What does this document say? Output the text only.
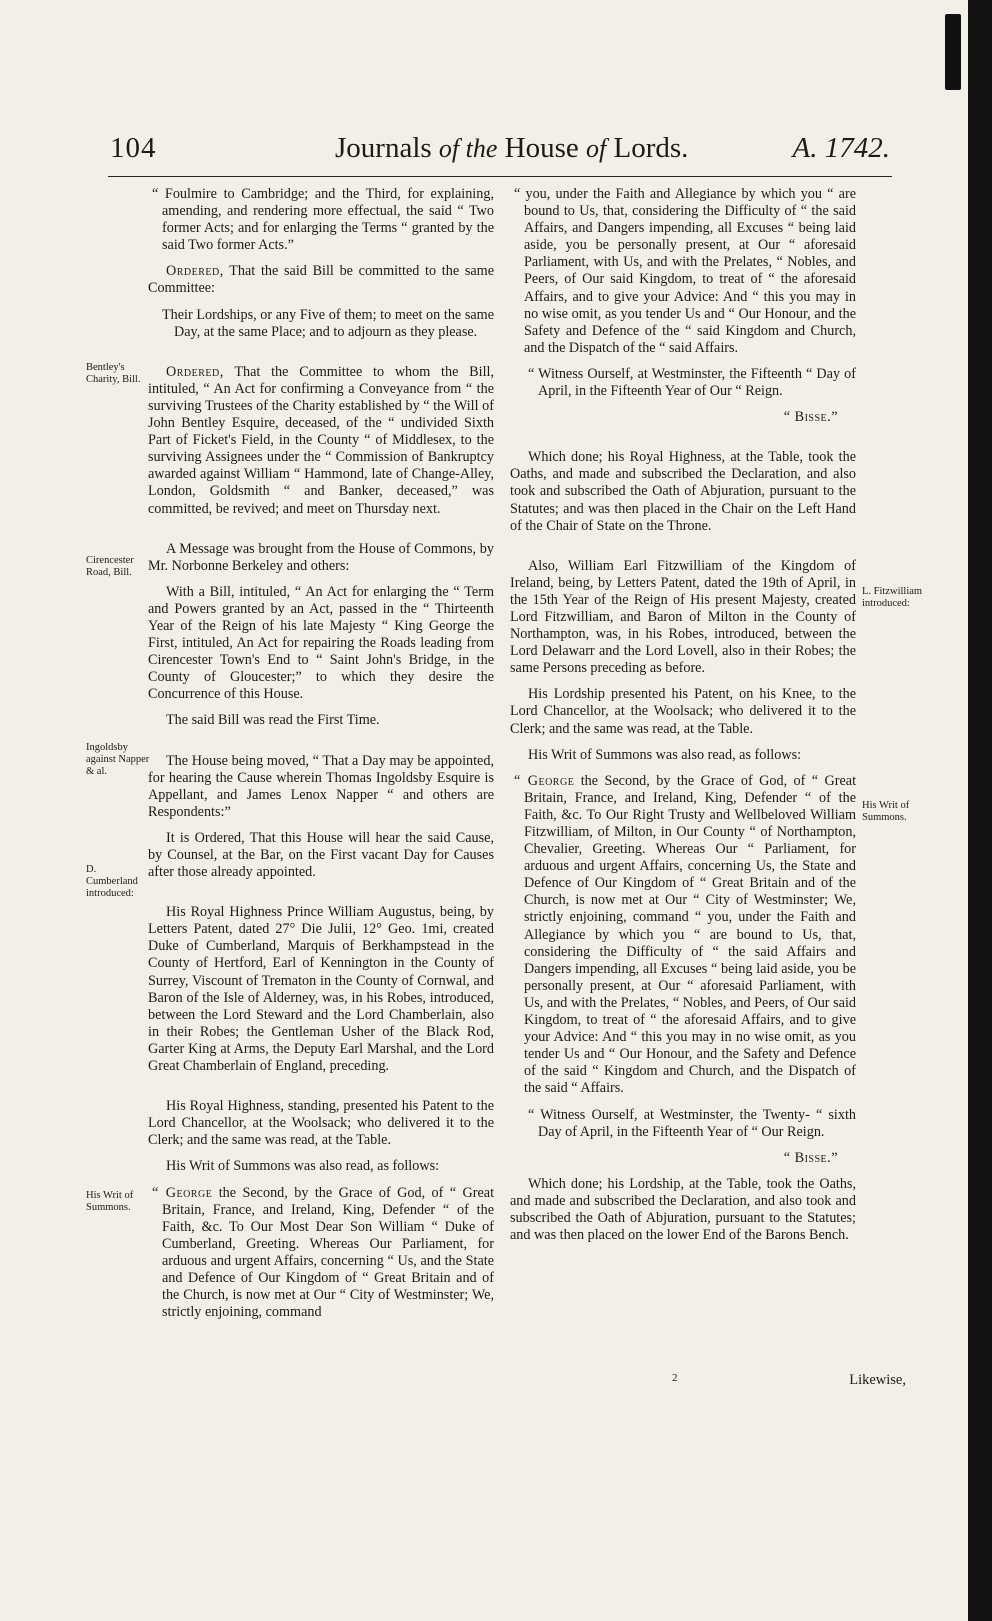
104	Journals of the House of Lords.	A. 1742.

“ Foulmire to Cambridge; and the Third, for explaining, amending, and rendering more effectual, the said “ Two former Acts; and for enlarging the Terms “ granted by the said Two former Acts.”

Ordered, That the said Bill be committed to the same Committee:

Their Lordships, or any Five of them; to meet on the same Day, at the same Place; and to adjourn as they please.

Ordered, That the Committee to whom the Bill, intituled, “ An Act for confirming a Conveyance from “ the surviving Trustees of the Charity established by “ the Will of John Bentley Esquire, deceased, of the “ undivided Sixth Part of Ficket's Field, in the County “ of Middlesex, to the surviving Assignees under the “ Commission of Bankruptcy awarded against William “ Hammond, late of Change-Alley, London, Goldsmith “ and Banker, deceased,” was committed, be revived; and meet on Thursday next.

A Message was brought from the House of Commons, by Mr. Norbonne Berkeley and others:

With a Bill, intituled, “ An Act for enlarging the “ Term and Powers granted by an Act, passed in the “ Thirteenth Year of the Reign of his late Majesty “ King George the First, intituled, An Act for repairing the Roads leading from Cirencester Town's End to “ Saint John's Bridge, in the County of Gloucester;” to which they desire the Concurrence of this House.

The said Bill was read the First Time.

The House being moved, “ That a Day may be appointed, for hearing the Cause wherein Thomas Ingoldsby Esquire is Appellant, and James Lenox Napper “ and others are Respondents:”

It is Ordered, That this House will hear the said Cause, by Counsel, at the Bar, on the First vacant Day for Causes after those already appointed.

His Royal Highness Prince William Augustus, being, by Letters Patent, dated 27° Die Julii, 12° Geo. 1mi, created Duke of Cumberland, Marquis of Berkhampstead in the County of Hertford, Earl of Kennington in the County of Surrey, Viscount of Trematon in the County of Cornwal, and Baron of the Isle of Alderney, was, in his Robes, introduced, between the Lord Steward and the Lord Chamberlain, also in their Robes; the Gentleman Usher of the Black Rod, Garter King at Arms, the Deputy Earl Marshal, and the Lord Great Chamberlain of England, preceding.

His Royal Highness, standing, presented his Patent to the Lord Chancellor, at the Woolsack; who delivered it to the Clerk; and the same was read, at the Table.

His Writ of Summons was also read, as follows:

“ George the Second, by the Grace of God, of “ Great Britain, France, and Ireland, King, Defender “ of the Faith, &c. To Our Most Dear Son William “ Duke of Cumberland, Greeting. Whereas Our Parliament, for arduous and urgent Affairs, concerning “ Us, and the State and Defence of Our Kingdom of “ Great Britain and of the Church, is now met at Our “ City of Westminster; We, strictly enjoining, command

“ you, under the Faith and Allegiance by which you “ are bound to Us, that, considering the Difficulty of “ the said Affairs, and Dangers impending, all Excuses “ being laid aside, you be personally present, at Our “ aforesaid Parliament, with Us, and with the Prelates, “ Nobles, and Peers, of Our said Kingdom, to treat of “ the aforesaid Affairs, and to give your Advice: And “ this you may in no wise omit, as you tender Us and “ Our Honour, and the Safety and Defence of the “ said Kingdom and Church, and the Dispatch of the “ said Affairs.

“ Witness Ourself, at Westminster, the Fifteenth “ Day of April, in the Fifteenth Year of Our “ Reign.

“ Bisse.”

Which done; his Royal Highness, at the Table, took the Oaths, and made and subscribed the Declaration, and also took and subscribed the Oath of Abjuration, pursuant to the Statutes; and was then placed in the Chair on the Left Hand of the Chair of State on the Throne.

Also, William Earl Fitzwilliam of the Kingdom of Ireland, being, by Letters Patent, dated the 19th of April, in the 15th Year of the Reign of His present Majesty, created Lord Fitzwilliam, and Baron of Milton in the County of Northampton, was, in his Robes, introduced, between the Lord Delawarr and the Lord Lovell, also in their Robes; the same Persons preceding as before.

His Lordship presented his Patent, on his Knee, to the Lord Chancellor, at the Woolsack; who delivered it to the Clerk; and the same was read, at the Table.

His Writ of Summons was also read, as follows:

“ George the Second, by the Grace of God, of “ Great Britain, France, and Ireland, King, Defender “ of the Faith, &c. To Our Right Trusty and Wellbeloved William Fitzwilliam, of Milton, in Our County “ of Northampton, Chevalier, Greeting. Whereas Our “ Parliament, for arduous and urgent Affairs, concerning Us, the State and Defence of Our Kingdom of “ Great Britain and of the Church, is now met at Our “ City of Westminster; We, strictly enjoining, command “ you, under the Faith and Allegiance by which you “ are bound to Us, that, considering the Difficulty of “ the said Affairs and Dangers impending, all Excuses “ being laid aside, you be personally present, at Our “ aforesaid Parliament, with Us, and with the Prelates, “ Nobles, and Peers, of Our said Kingdom, to treat of “ the aforesaid Affairs, and to give your Advice: And “ this you may in no wise omit, as you tender Us and “ Our Honour, and the Safety and Defence of the said “ Kingdom and Church, and the Dispatch of the said “ Affairs.

“ Witness Ourself, at Westminster, the Twenty- “ sixth Day of April, in the Fifteenth Year of “ Our Reign.

“ Bisse.”

Which done; his Lordship, at the Table, took the Oaths, and made and subscribed the Declaration, and also took and subscribed the Oath of Abjuration, pursuant to the Statutes; and was then placed on the lower End of the Barons Bench.

Bentley's Charity, Bill.
Cirencester Road, Bill.
Ingoldsby against Napper & al.
D. Cumberland introduced:
His Writ of Summons.
L. Fitzwilliam introduced:
His Writ of Summons.
2	Likewise,
